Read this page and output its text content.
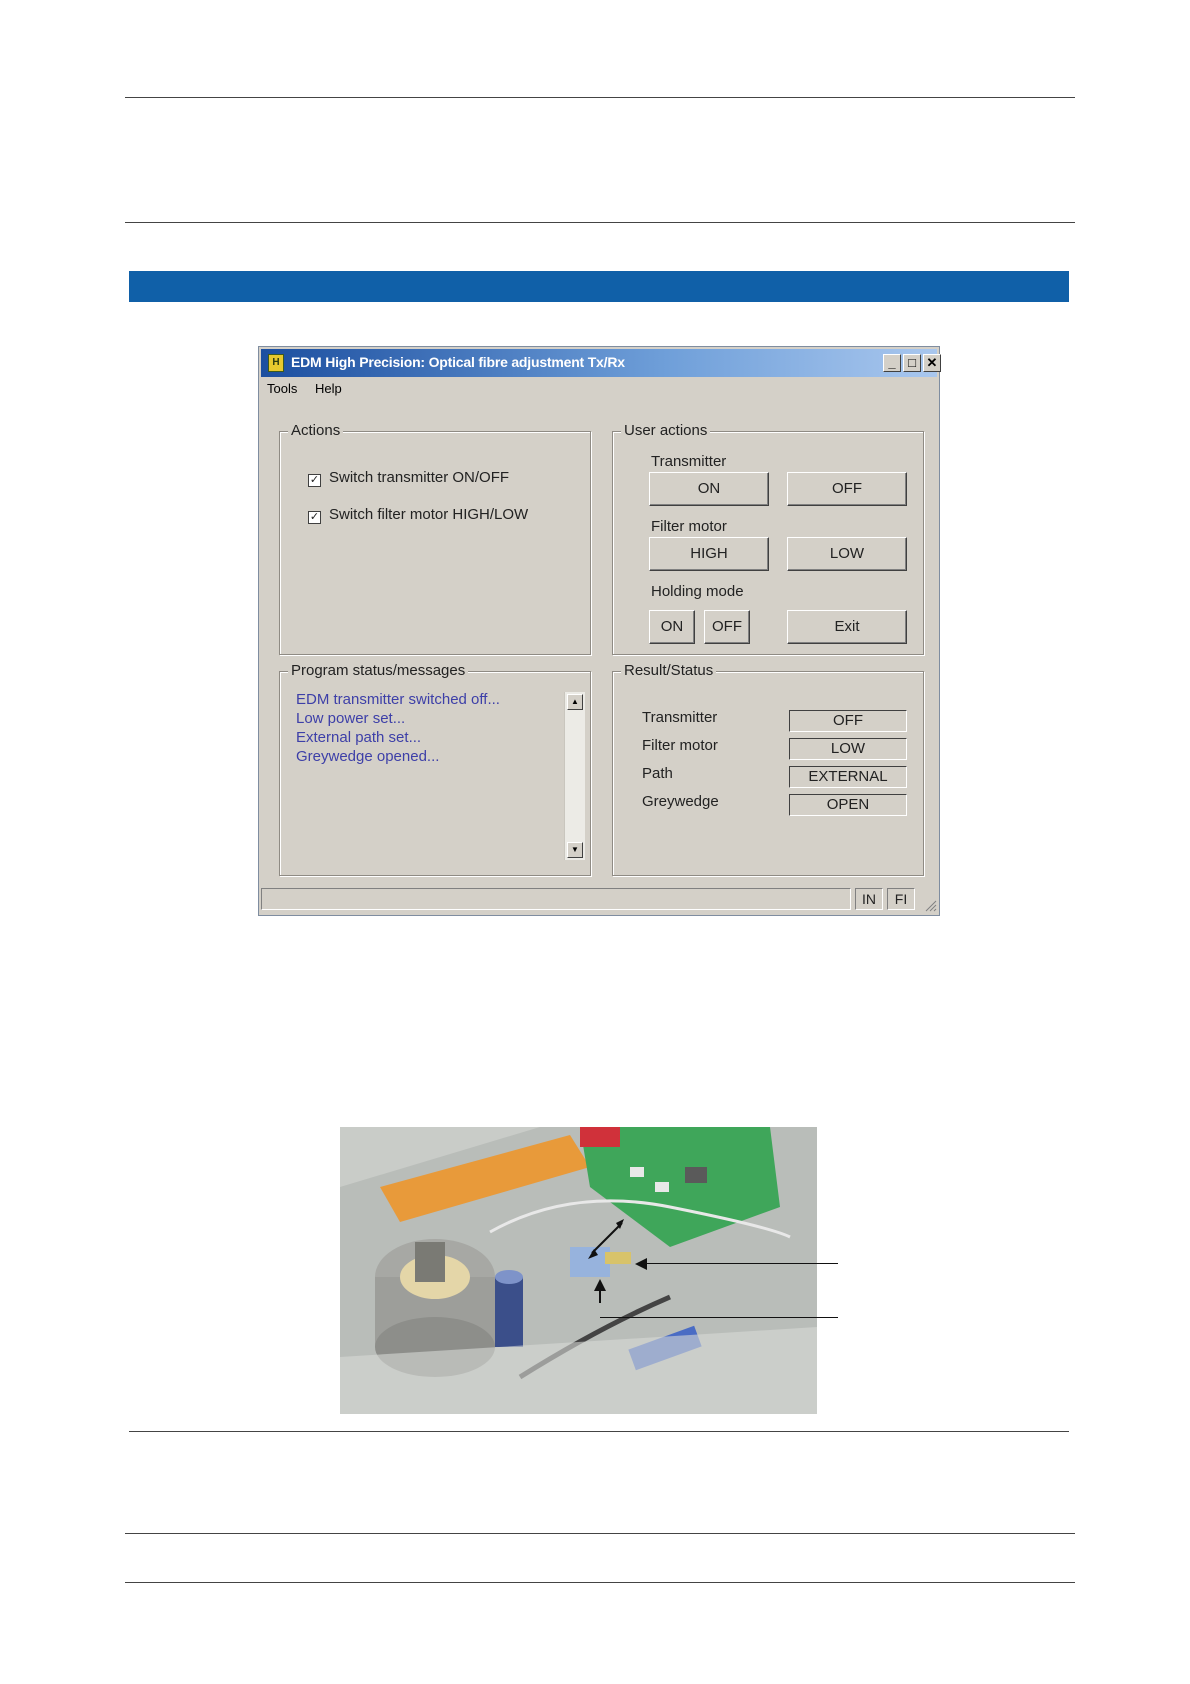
H EDM High Precision: Optical fibre adjustment Tx/Rx	_ □ ✕
Tools Help
Actions
✓ Switch transmitter ON/OFF
✓ Switch filter motor HIGH/LOW
User actions
Transmitter
ON	OFF
Filter motor
HIGH	LOW
Holding mode
ON	OFF	Exit
Program status/messages
EDM transmitter switched off...
Low power set...
External path set...
Greywedge opened...
▲
▼
Result/Status
Transmitter	OFF
Filter motor	LOW
Path	EXTERNAL
Greywedge	OPEN
IN	FI
